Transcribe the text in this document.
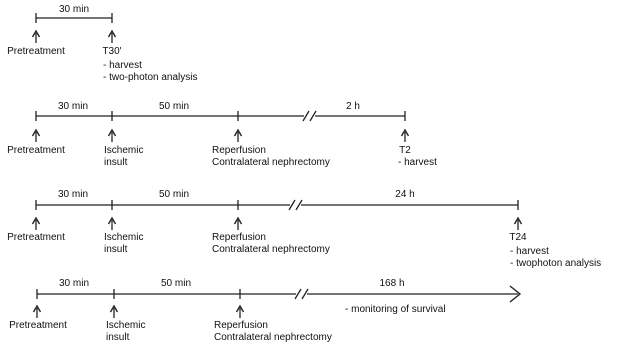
30 min
Pretreatment	T30'
- harvest
- two-photon analysis
30 min	50 min	2 h
Pretreatment	Ischemic
insult
Reperfusion
Contralateral nephrectomy
T2
- harvest
30 min	50 min	24 h
Pretreatment	Ischemic
insult
Reperfusion
Contralateral nephrectomy
T24
- harvest
- twophoton analysis
30 min	50 min	168 h
Pretreatment	Ischemic
insult
Reperfusion
Contralateral nephrectomy
- monitoring of survival
